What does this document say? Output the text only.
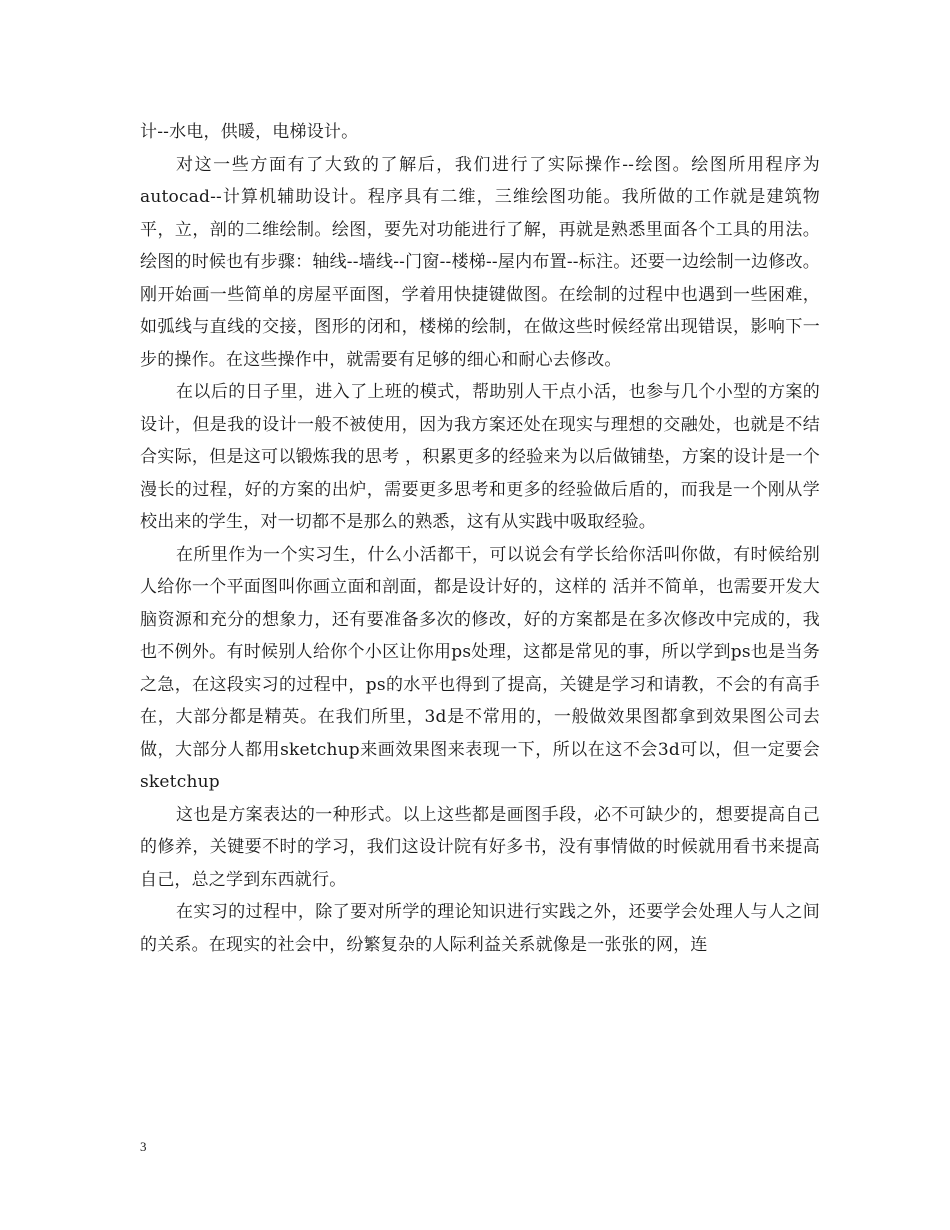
计--水电，供暖，电梯设计。

对这一些方面有了大致的了解后，我们进行了实际操作--绘图。绘图所用程序为autocad--计算机辅助设计。程序具有二维，三维绘图功能。我所做的工作就是建筑物平，立，剖的二维绘制。绘图，要先对功能进行了解，再就是熟悉里面各个工具的用法。绘图的时候也有步骤：轴线--墙线--门窗--楼梯--屋内布置--标注。还要一边绘制一边修改。刚开始画一些简单的房屋平面图，学着用快捷键做图。在绘制的过程中也遇到一些困难，如弧线与直线的交接，图形的闭和，楼梯的绘制，在做这些时候经常出现错误，影响下一步的操作。在这些操作中，就需要有足够的细心和耐心去修改。

在以后的日子里，进入了上班的模式，帮助别人干点小活，也参与几个小型的方案的设计，但是我的设计一般不被使用，因为我方案还处在现实与理想的交融处，也就是不结合实际，但是这可以锻炼我的思考 ，积累更多的经验来为以后做铺垫，方案的设计是一个漫长的过程，好的方案的出炉，需要更多思考和更多的经验做后盾的，而我是一个刚从学校出来的学生，对一切都不是那么的熟悉，这有从实践中吸取经验。

在所里作为一个实习生，什么小活都干，可以说会有学长给你活叫你做，有时候给别人给你一个平面图叫你画立面和剖面，都是设计好的，这样的 活并不简单，也需要开发大脑资源和充分的想象力，还有要准备多次的修改，好的方案都是在多次修改中完成的，我也不例外。有时候别人给你个小区让你用ps处理，这都是常见的事，所以学到ps也是当务之急，在这段实习的过程中，ps的水平也得到了提高，关键是学习和请教，不会的有高手在，大部分都是精英。在我们所里，3d是不常用的，一般做效果图都拿到效果图公司去做，大部分人都用sketchup来画效果图来表现一下，所以在这不会3d可以，但一定要会sketchup

这也是方案表达的一种形式。以上这些都是画图手段，必不可缺少的，想要提高自己的修养，关键要不时的学习，我们这设计院有好多书，没有事情做的时候就用看书来提高自己，总之学到东西就行。

在实习的过程中，除了要对所学的理论知识进行实践之外，还要学会处理人与人之间的关系。在现实的社会中，纷繁复杂的人际利益关系就像是一张张的网，连

3
